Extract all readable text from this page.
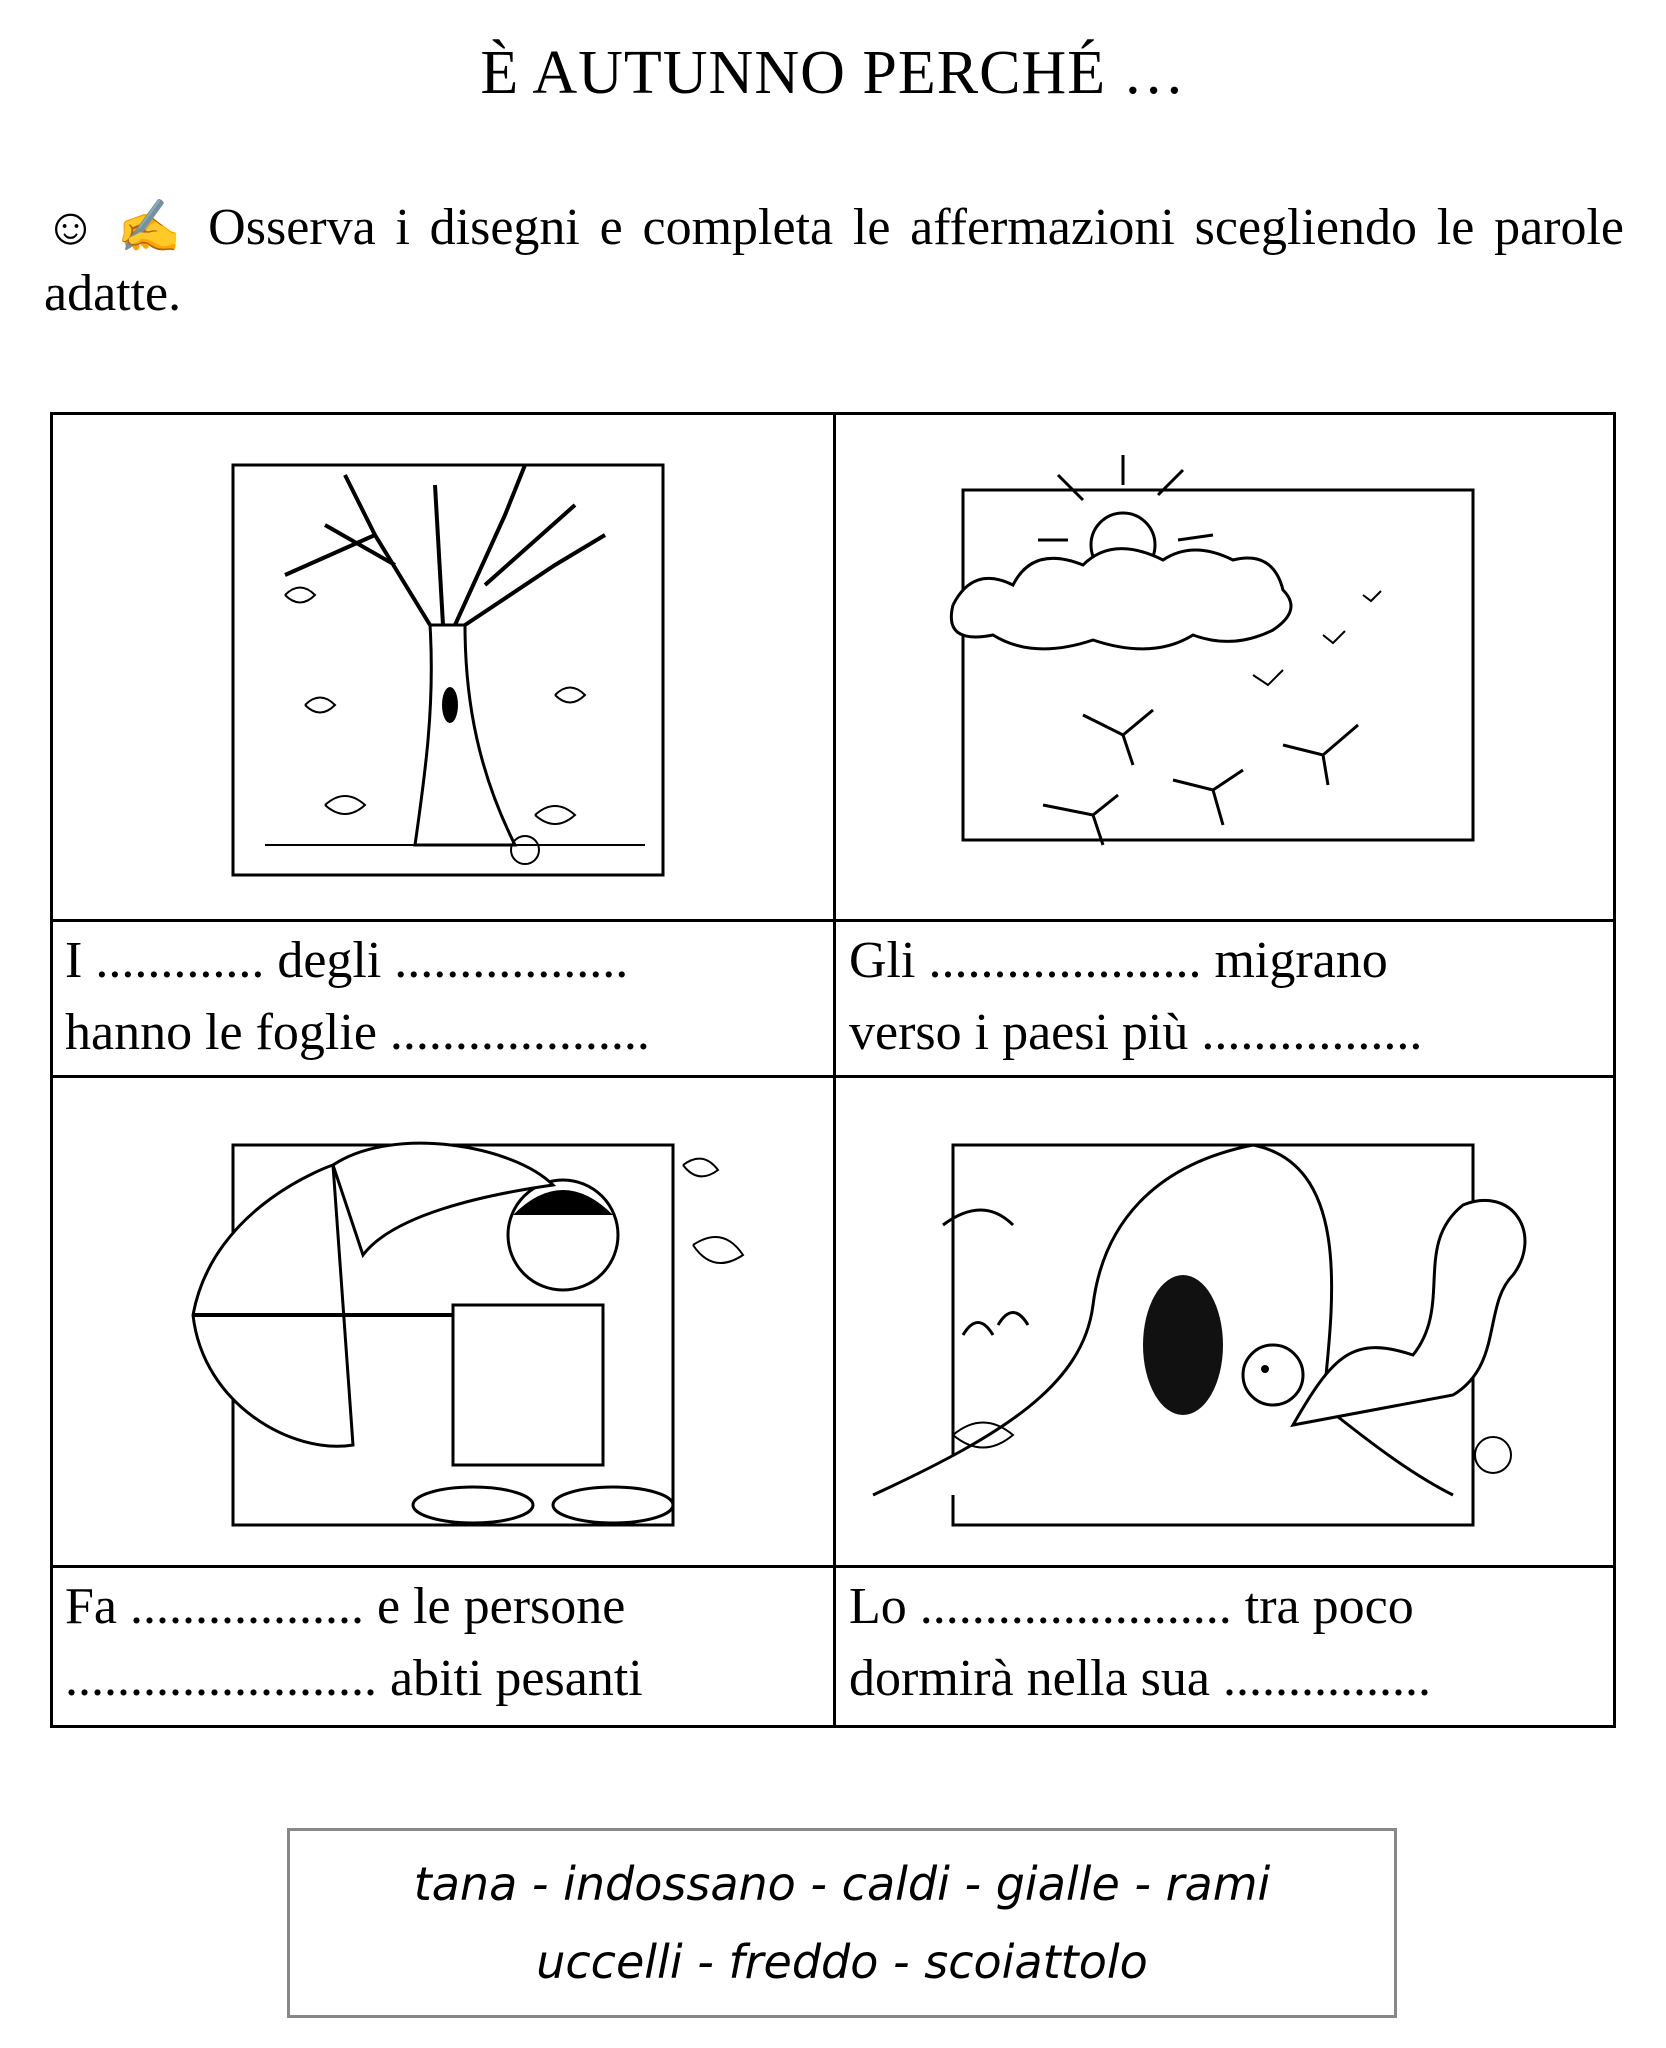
È AUTUNNO PERCHÉ …
☺ ✍ Osserva i disegni e completa le affermazioni scegliendo le parole adatte.
I ............. degli ..................
hanno le foglie ....................
Gli ..................... migrano
verso i paesi più .................
Fa .................. e le persone
........................ abiti pesanti
Lo ........................ tra poco
dormirà nella sua ................
tana - indossano - caldi - gialle - rami
uccelli - freddo - scoiattolo
